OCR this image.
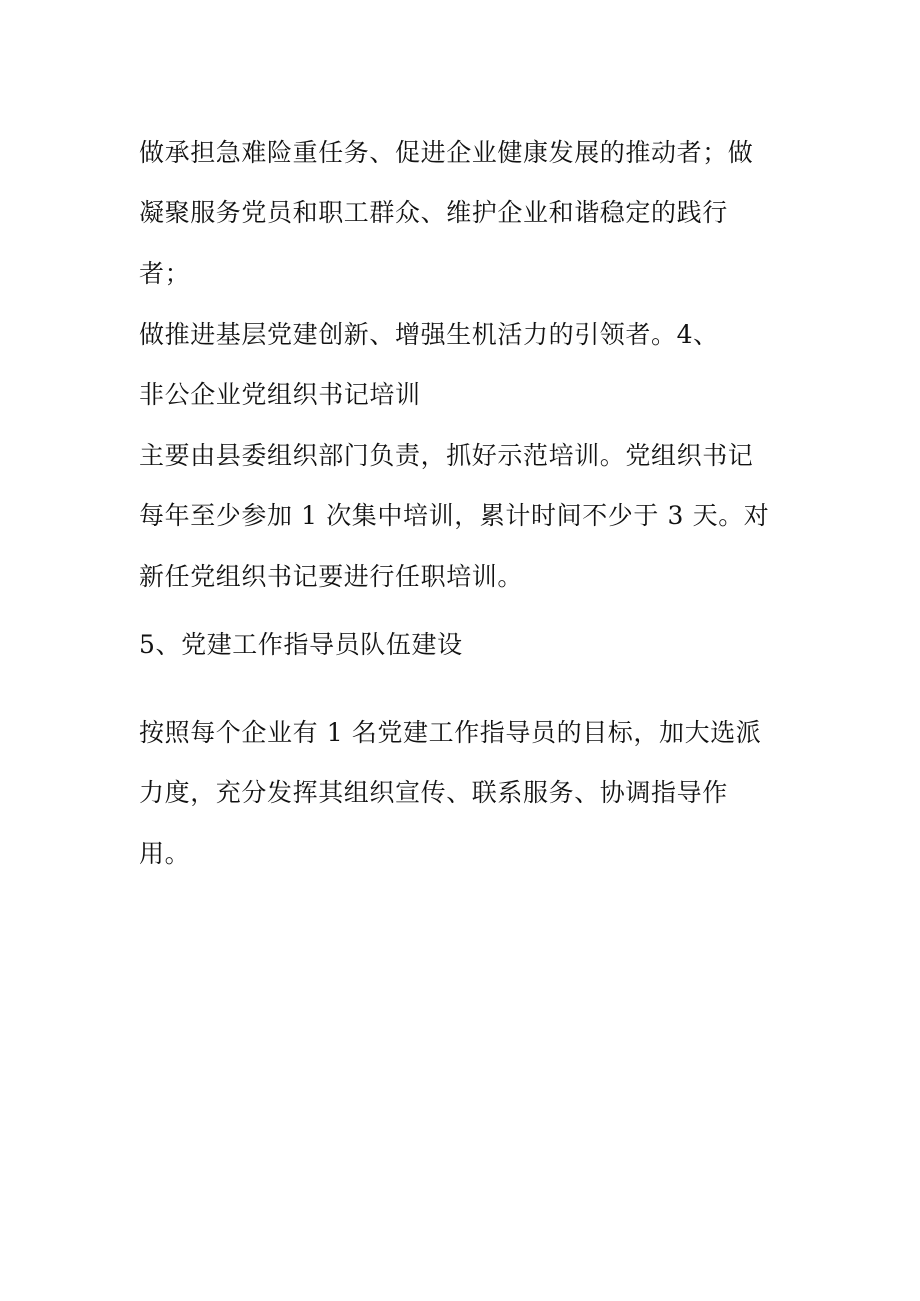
做承担急难险重任务、促进企业健康发展的推动者；做
凝聚服务党员和职工群众、维护企业和谐稳定的践行
者；
做推进基层党建创新、增强生机活力的引领者。4、
非公企业党组织书记培训
主要由县委组织部门负责，抓好示范培训。党组织书记
每年至少参加 1 次集中培训，累计时间不少于 3 天。对
新任党组织书记要进行任职培训。
5、党建工作指导员队伍建设
按照每个企业有 1 名党建工作指导员的目标，加大选派
力度，充分发挥其组织宣传、联系服务、协调指导作
用。
